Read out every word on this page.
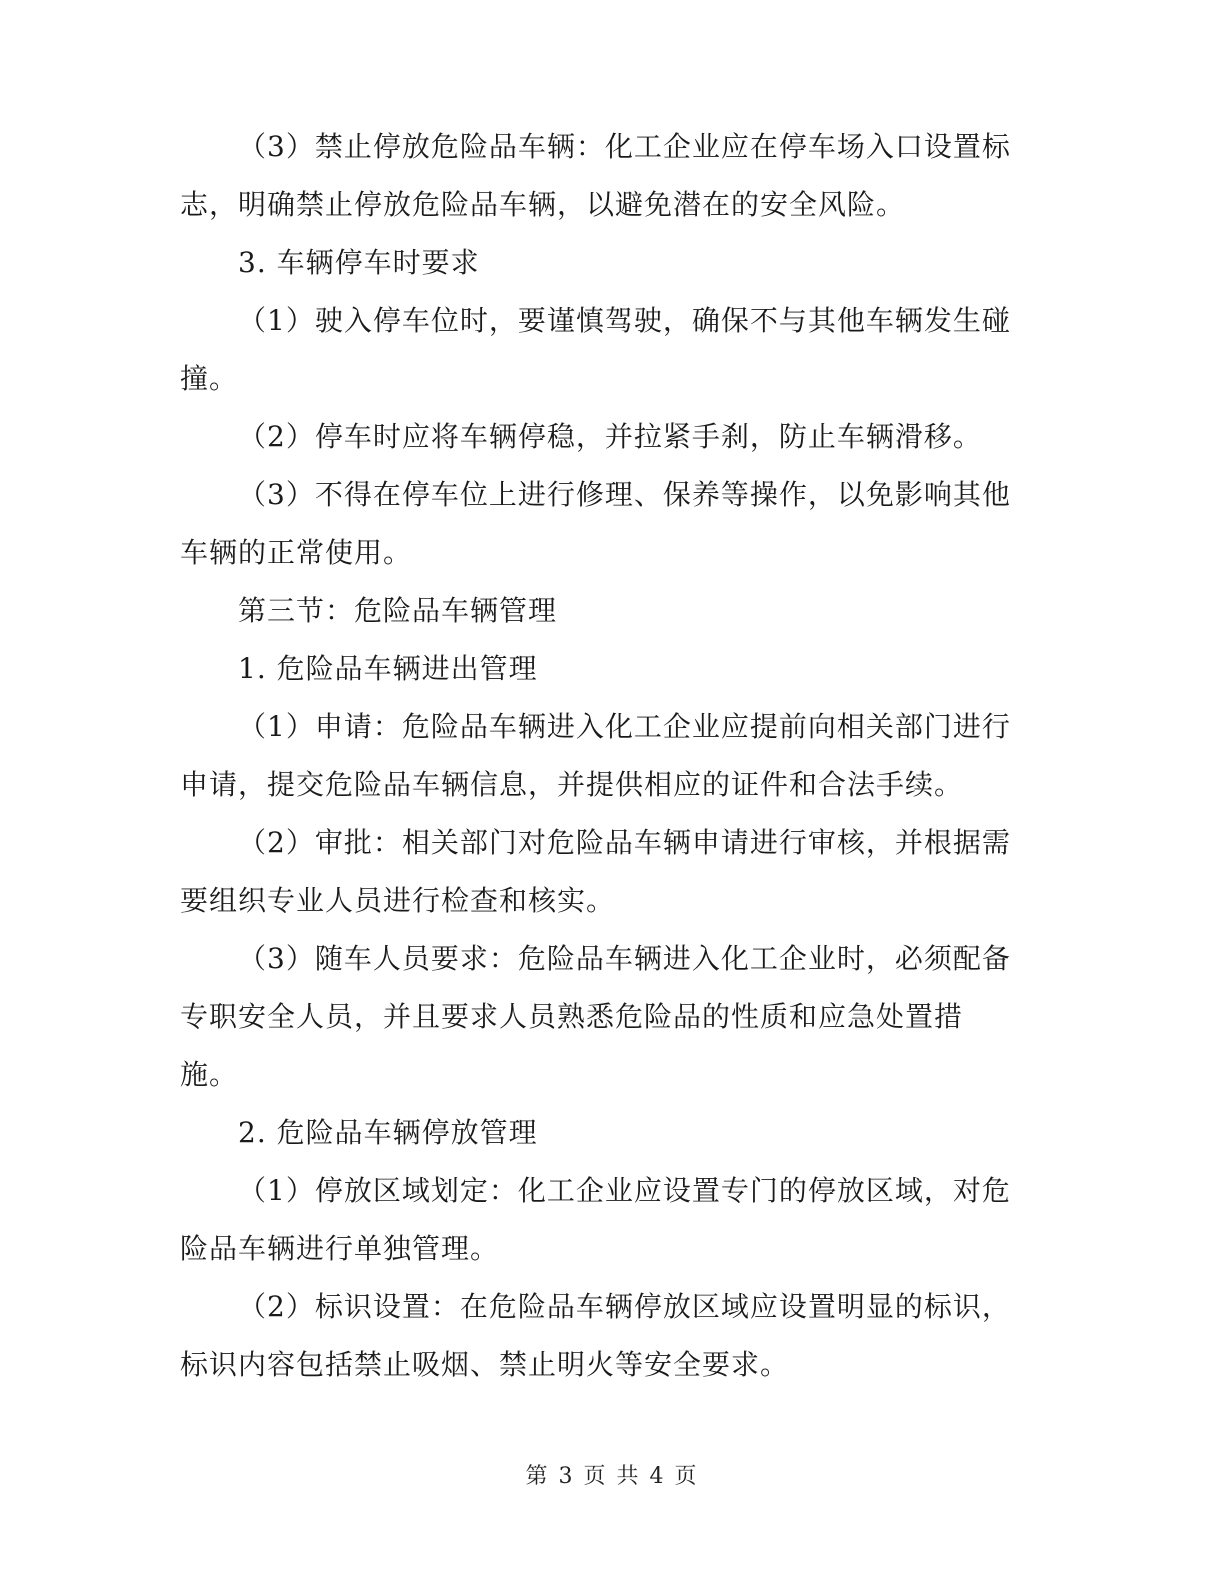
（3）禁止停放危险品车辆：化工企业应在停车场入口设置标
志，明确禁止停放危险品车辆，以避免潜在的安全风险。
3. 车辆停车时要求
（1）驶入停车位时，要谨慎驾驶，确保不与其他车辆发生碰
撞。
（2）停车时应将车辆停稳，并拉紧手刹，防止车辆滑移。
（3）不得在停车位上进行修理、保养等操作，以免影响其他
车辆的正常使用。
第三节：危险品车辆管理
1. 危险品车辆进出管理
（1）申请：危险品车辆进入化工企业应提前向相关部门进行
申请，提交危险品车辆信息，并提供相应的证件和合法手续。
（2）审批：相关部门对危险品车辆申请进行审核，并根据需
要组织专业人员进行检查和核实。
（3）随车人员要求：危险品车辆进入化工企业时，必须配备
专职安全人员，并且要求人员熟悉危险品的性质和应急处置措
施。
2. 危险品车辆停放管理
（1）停放区域划定：化工企业应设置专门的停放区域，对危
险品车辆进行单独管理。
（2）标识设置：在危险品车辆停放区域应设置明显的标识，
标识内容包括禁止吸烟、禁止明火等安全要求。
第 3 页 共 4 页
